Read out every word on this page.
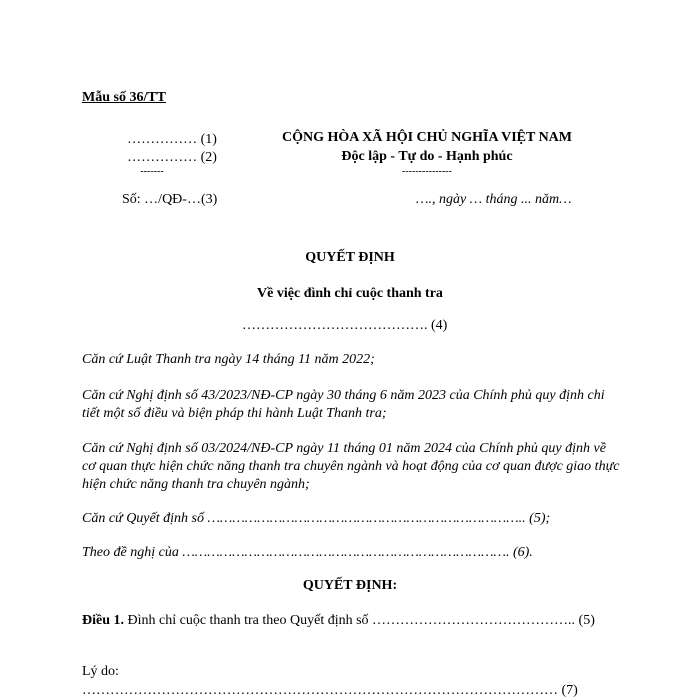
Mẫu số 36/TT
…………… (1)
…………… (2)
-------
Số: …/QĐ-…(3)
CỘNG HÒA XÃ HỘI CHỦ NGHĨA VIỆT NAM
Độc lập - Tự do - Hạnh phúc
---------------
…., ngày … tháng ... năm…
QUYẾT ĐỊNH
Về việc đình chỉ cuộc thanh tra
…………………………………. (4)
Căn cứ Luật Thanh tra ngày 14 tháng 11 năm 2022;
Căn cứ Nghị định số 43/2023/NĐ-CP ngày 30 tháng 6 năm 2023 của Chính phủ quy định chi tiết một số điều và biện pháp thi hành Luật Thanh tra;
Căn cứ Nghị định số 03/2024/NĐ-CP ngày 11 tháng 01 năm 2024 của Chính phủ quy định về cơ quan thực hiện chức năng thanh tra chuyên ngành và hoạt động của cơ quan được giao thực hiện chức năng thanh tra chuyên ngành;
Căn cứ Quyết định số ………………………………………………………………….. (5);
Theo đề nghị của ……………………………………………………………………. (6).
QUYẾT ĐỊNH:
Điều 1. Đình chỉ cuộc thanh tra theo Quyết định số …………………………………….. (5)
Lý do:
………………………………………………………………………………………… (7)
